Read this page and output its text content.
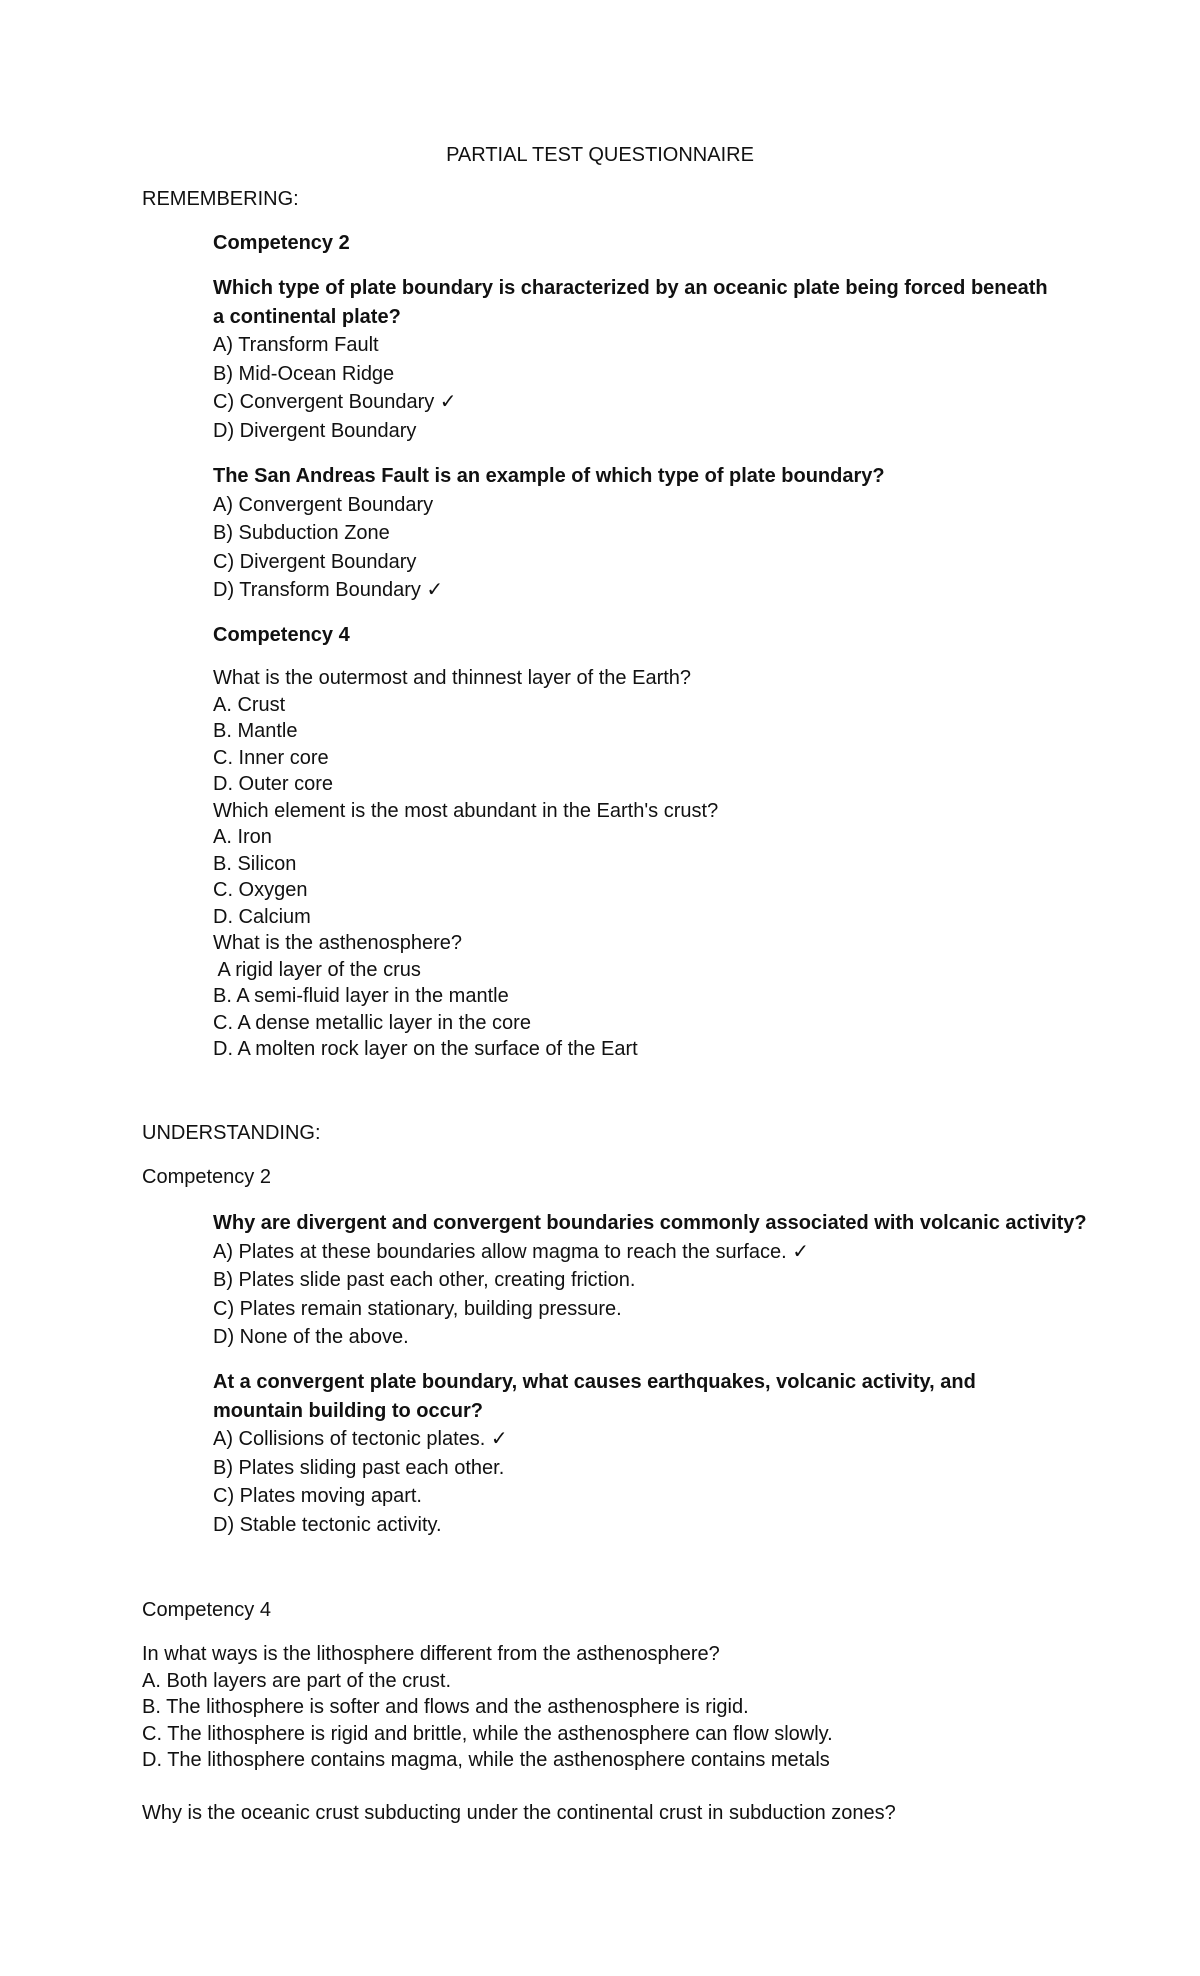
PARTIAL TEST QUESTIONNAIRE
REMEMBERING:
Competency 2
Which type of plate boundary is characterized by an oceanic plate being forced beneath a continental plate?
A) Transform Fault
B) Mid-Ocean Ridge
C) Convergent Boundary ✓
D) Divergent Boundary
The San Andreas Fault is an example of which type of plate boundary?
A) Convergent Boundary
B) Subduction Zone
C) Divergent Boundary
D) Transform Boundary ✓
Competency 4
What is the outermost and thinnest layer of the Earth?
A. Crust
B. Mantle
C. Inner core
D. Outer core
Which element is the most abundant in the Earth's crust?
A. Iron
B. Silicon
C. Oxygen
D. Calcium
What is the asthenosphere?
A rigid layer of the crus
B. A semi-fluid layer in the mantle
C. A dense metallic layer in the core
D. A molten rock layer on the surface of the Eart
UNDERSTANDING:
Competency 2
Why are divergent and convergent boundaries commonly associated with volcanic activity?
A) Plates at these boundaries allow magma to reach the surface. ✓
B) Plates slide past each other, creating friction.
C) Plates remain stationary, building pressure.
D) None of the above.
At a convergent plate boundary, what causes earthquakes, volcanic activity, and mountain building to occur?
A) Collisions of tectonic plates. ✓
B) Plates sliding past each other.
C) Plates moving apart.
D) Stable tectonic activity.
Competency 4
In what ways is the lithosphere different from the asthenosphere?
A. Both layers are part of the crust.
B. The lithosphere is softer and flows and the asthenosphere is rigid.
C. The lithosphere is rigid and brittle, while the asthenosphere can flow slowly.
D. The lithosphere contains magma, while the asthenosphere contains metals
Why is the oceanic crust subducting under the continental crust in subduction zones?
